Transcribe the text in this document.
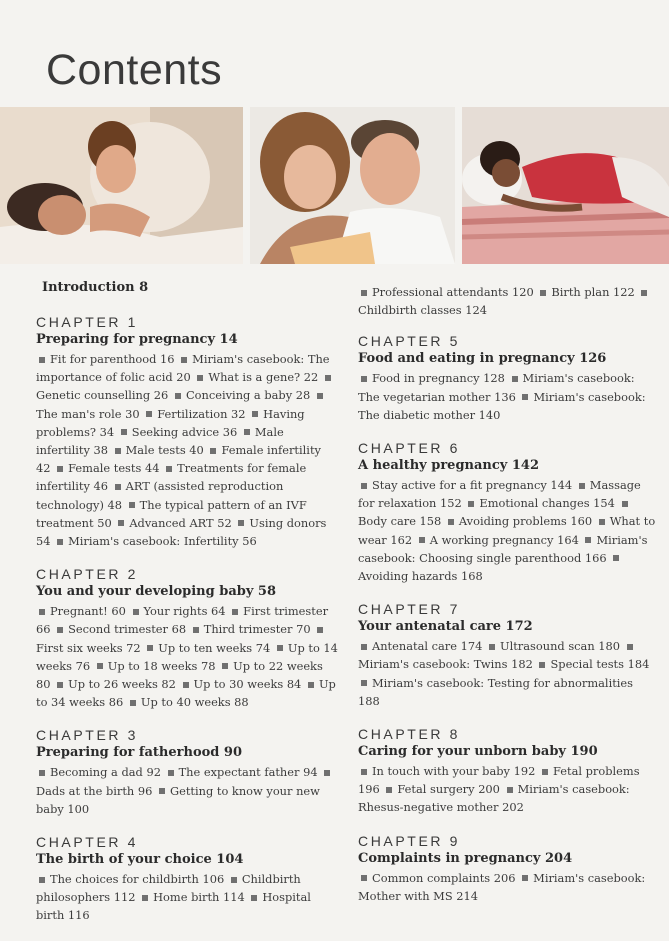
Contents
Introduction 8
CHAPTER 1
Preparing for pregnancy 14
Fit for parenthood 16 Miriam's casebook: The importance of folic acid 20 What is a gene? 22 Genetic counselling 26 Conceiving a baby 28 The man's role 30 Fertilization 32 Having problems? 34 Seeking advice 36 Male infertility 38 Male tests 40 Female infertility 42 Female tests 44 Treatments for female infertility 46 ART (assisted reproduction technology) 48 The typical pattern of an IVF treatment 50 Advanced ART 52 Using donors 54 Miriam's casebook: Infertility 56
CHAPTER 2
You and your developing baby 58
Pregnant! 60 Your rights 64 First trimester 66 Second trimester 68 Third trimester 70 First six weeks 72 Up to ten weeks 74 Up to 14 weeks 76 Up to 18 weeks 78 Up to 22 weeks 80 Up to 26 weeks 82 Up to 30 weeks 84 Up to 34 weeks 86 Up to 40 weeks 88
CHAPTER 3
Preparing for fatherhood 90
Becoming a dad 92 The expectant father 94 Dads at the birth 96 Getting to know your new baby 100
CHAPTER 4
The birth of your choice 104
The choices for childbirth 106 Childbirth philosophers 112 Home birth 114 Hospital birth 116
Professional attendants 120 Birth plan 122 Childbirth classes 124
CHAPTER 5
Food and eating in pregnancy 126
Food in pregnancy 128 Miriam's casebook: The vegetarian mother 136 Miriam's casebook: The diabetic mother 140
CHAPTER 6
A healthy pregnancy 142
Stay active for a fit pregnancy 144 Massage for relaxation 152 Emotional changes 154 Body care 158 Avoiding problems 160 What to wear 162 A working pregnancy 164 Miriam's casebook: Choosing single parenthood 166 Avoiding hazards 168
CHAPTER 7
Your antenatal care 172
Antenatal care 174 Ultrasound scan 180 Miriam's casebook: Twins 182 Special tests 184 Miriam's casebook: Testing for abnormalities 188
CHAPTER 8
Caring for your unborn baby 190
In touch with your baby 192 Fetal problems 196 Fetal surgery 200 Miriam's casebook: Rhesus-negative mother 202
CHAPTER 9
Complaints in pregnancy 204
Common complaints 206 Miriam's casebook: Mother with MS 214
